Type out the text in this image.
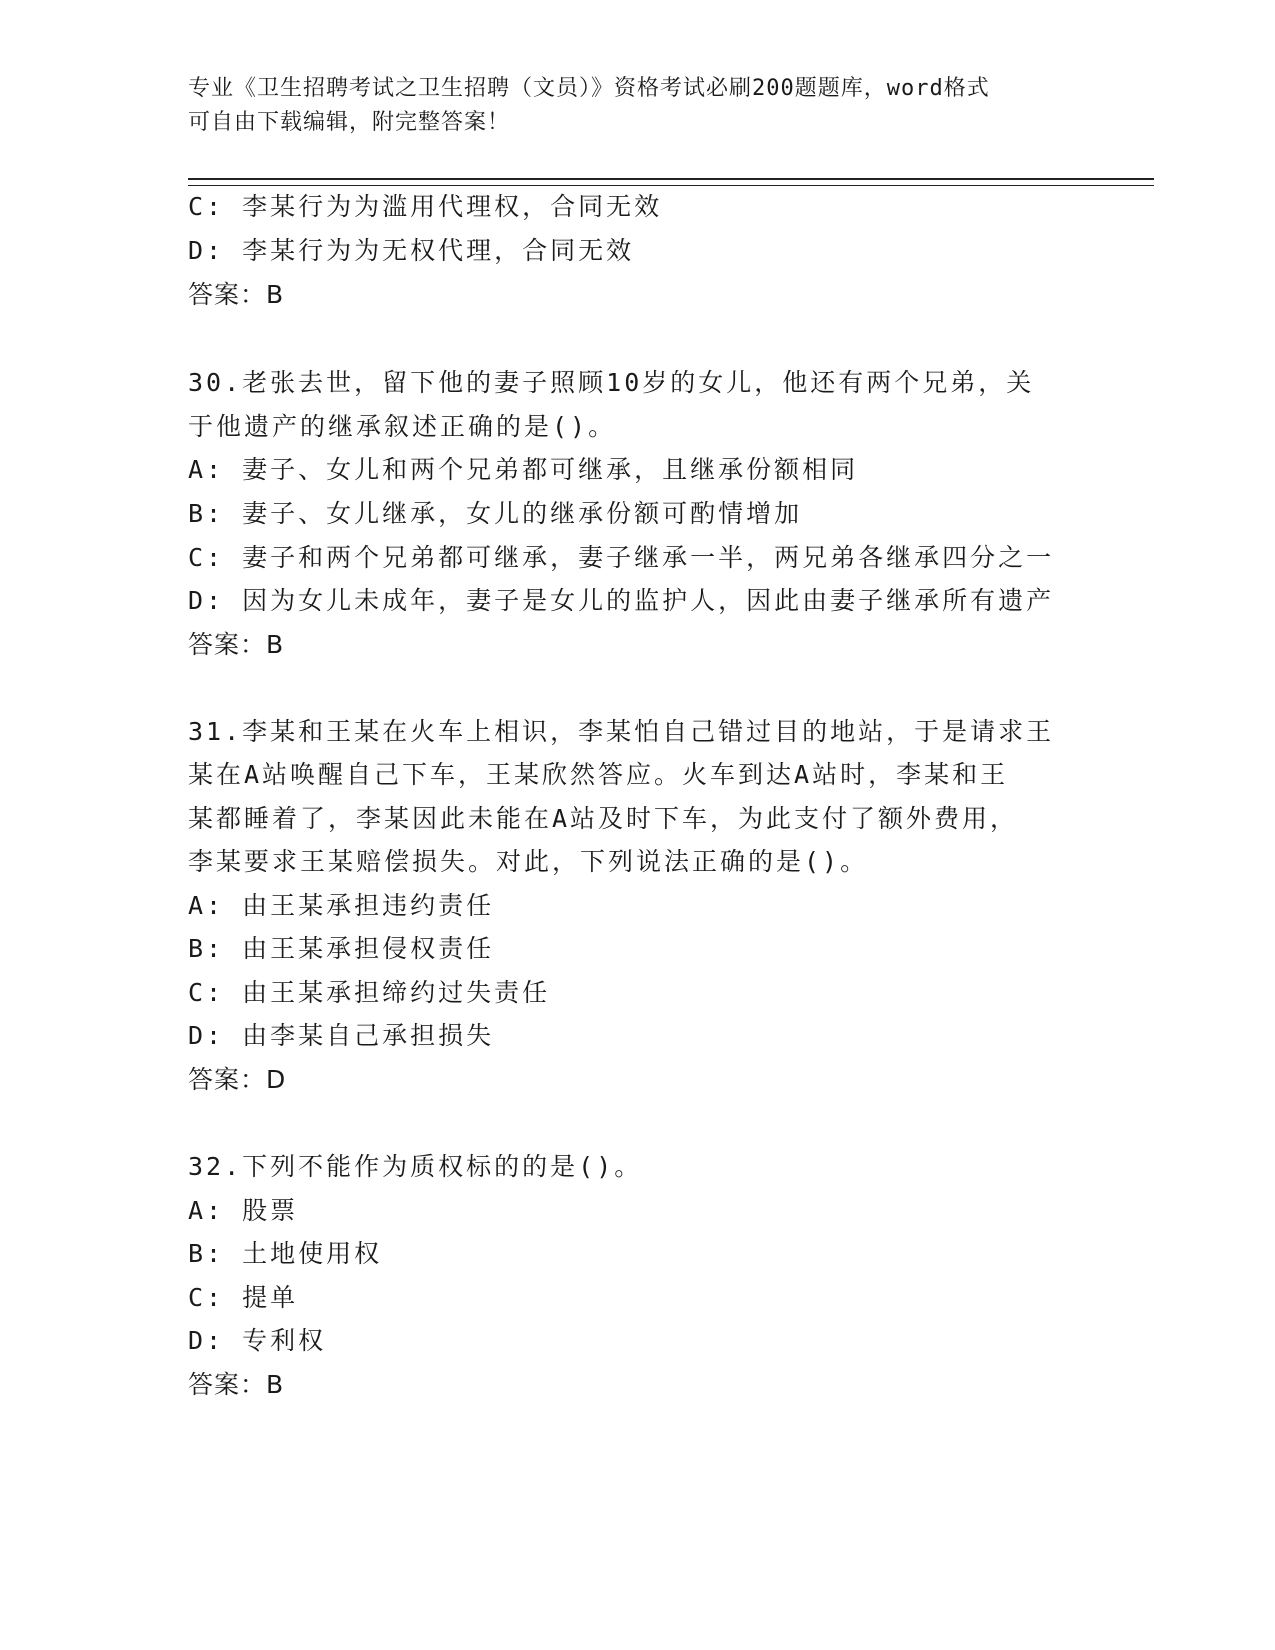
专业《卫生招聘考试之卫生招聘（文员）》资格考试必刷200题题库，word格式
可自由下载编辑，附完整答案！
C: 李某行为为滥用代理权，合同无效
D: 李某行为为无权代理，合同无效
答案：B
30.老张去世，留下他的妻子照顾10岁的女儿，他还有两个兄弟，关
于他遗产的继承叙述正确的是()。
A: 妻子、女儿和两个兄弟都可继承，且继承份额相同
B: 妻子、女儿继承，女儿的继承份额可酌情增加
C: 妻子和两个兄弟都可继承，妻子继承一半，两兄弟各继承四分之一
D: 因为女儿未成年，妻子是女儿的监护人，因此由妻子继承所有遗产
答案：B
31.李某和王某在火车上相识，李某怕自己错过目的地站，于是请求王
某在A站唤醒自己下车，王某欣然答应。火车到达A站时，李某和王
某都睡着了，李某因此未能在A站及时下车，为此支付了额外费用，
李某要求王某赔偿损失。对此，下列说法正确的是()。
A: 由王某承担违约责任
B: 由王某承担侵权责任
C: 由王某承担缔约过失责任
D: 由李某自己承担损失
答案：D
32.下列不能作为质权标的的是()。
A: 股票
B: 土地使用权
C: 提单
D: 专利权
答案：B
